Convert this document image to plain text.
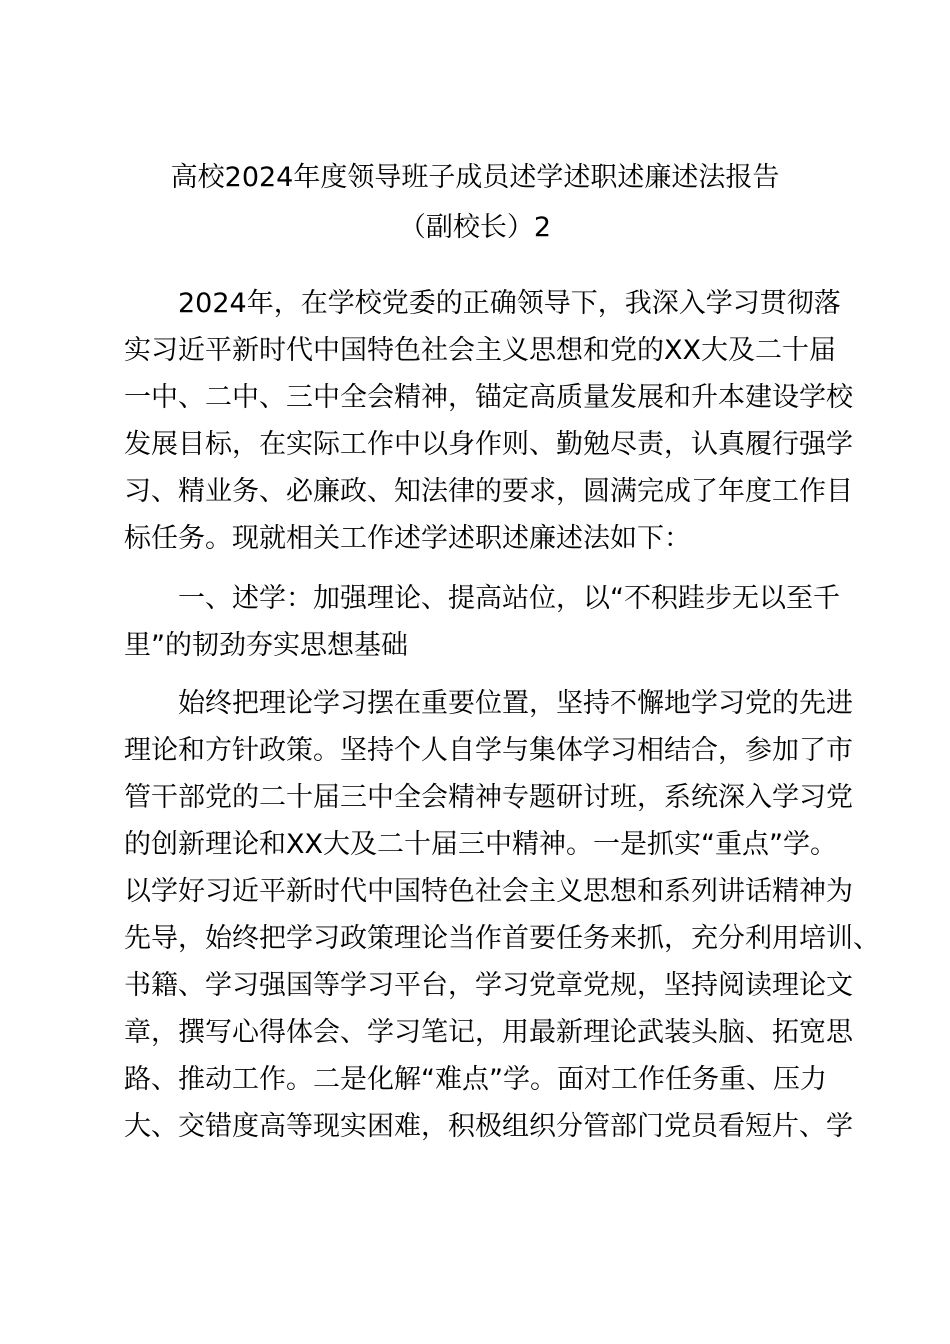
高校2024年度领导班子成员述学述职述廉述法报告
（副校长）2
2024年，在学校党委的正确领导下，我深入学习贯彻落
实习近平新时代中国特色社会主义思想和党的XX大及二十届
一中、二中、三中全会精神，锚定高质量发展和升本建设学校
发展目标，在实际工作中以身作则、勤勉尽责，认真履行强学
习、精业务、必廉政、知法律的要求，圆满完成了年度工作目
标任务。现就相关工作述学述职述廉述法如下：
一、述学：加强理论、提高站位，以“不积跬步无以至千
里”的韧劲夯实思想基础
始终把理论学习摆在重要位置，坚持不懈地学习党的先进
理论和方针政策。坚持个人自学与集体学习相结合，参加了市
管干部党的二十届三中全会精神专题研讨班，系统深入学习党
的创新理论和XX大及二十届三中精神。一是抓实“重点”学。
以学好习近平新时代中国特色社会主义思想和系列讲话精神为
先导，始终把学习政策理论当作首要任务来抓，充分利用培训、
书籍、学习强国等学习平台，学习党章党规，坚持阅读理论文
章，撰写心得体会、学习笔记，用最新理论武装头脑、拓宽思
路、推动工作。二是化解“难点”学。面对工作任务重、压力
大、交错度高等现实困难，积极组织分管部门党员看短片、学
